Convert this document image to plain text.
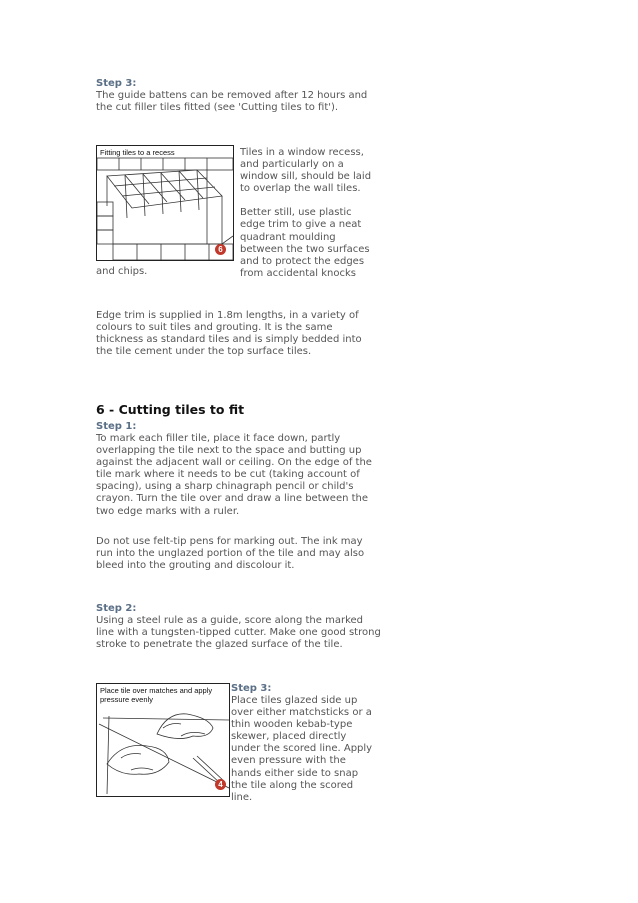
Step 3:

The guide battens can be removed after 12 hours and the cut filler tiles fitted (see 'Cutting tiles to fit').

Fitting tiles to a recess
6

Tiles in a window recess, and particularly on a window sill, should be laid to overlap the wall tiles.

Better still, use plastic edge trim to give a neat quadrant moulding between the two surfaces and to protect the edges from accidental knocks

and chips.

Edge trim is supplied in 1.8m lengths, in a variety of colours to suit tiles and grouting. It is the same thickness as standard tiles and is simply bedded into the tile cement under the top surface tiles.

6 - Cutting tiles to fit
Step 1:

To mark each filler tile, place it face down, partly overlapping the tile next to the space and butting up against the adjacent wall or ceiling. On the edge of the tile mark where it needs to be cut (taking account of spacing), using a sharp chinagraph pencil or child's crayon. Turn the tile over and draw a line between the two edge marks with a ruler.

Do not use felt-tip pens for marking out. The ink may run into the unglazed portion of the tile and may also bleed into the grouting and discolour it.

Step 2:

Using a steel rule as a guide, score along the marked line with a tungsten-tipped cutter. Make one good strong stroke to penetrate the glazed surface of the tile.

Place tile over matches and apply
pressure evenly
4
Step 3:

Place tiles glazed side up over either matchsticks or a thin wooden kebab-type skewer, placed directly under the scored line. Apply even pressure with the hands either side to snap the tile along the scored line.
